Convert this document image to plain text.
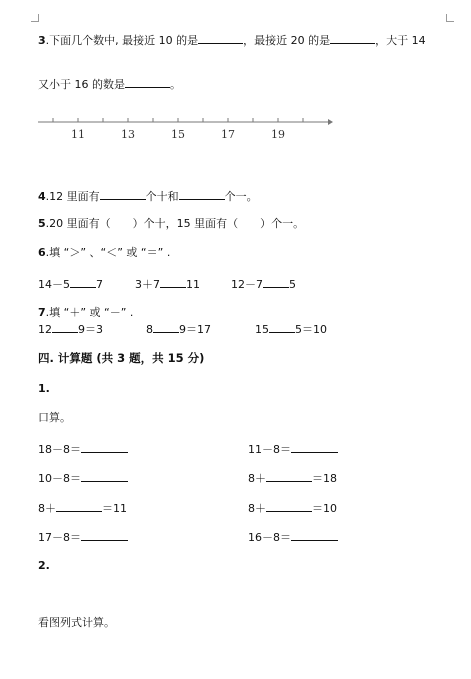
3.下面几个数中, 最接近 10 的是	，最接近 20 的是	，大于 14
又小于 16 的数是	。
11	13	15	17	19
4.12 里面有	个十和	个一。
5.20 里面有（　　）个十，15 里面有（　　）个一。
6.填 “＞” 、“＜” 或 “＝” .
14－5 7	3＋7 11	12－7 5
7.填 “＋” 或 “－” .
12 9＝3	8 9＝17	15 5＝10
四. 计算题 (共 3 题，共 15 分)
1.
口算。
18－8＝	11－8＝
10－8＝	8＋	＝18
8＋	＝11	8＋	＝10
17－8＝	16－8＝
2.
看图列式计算。
